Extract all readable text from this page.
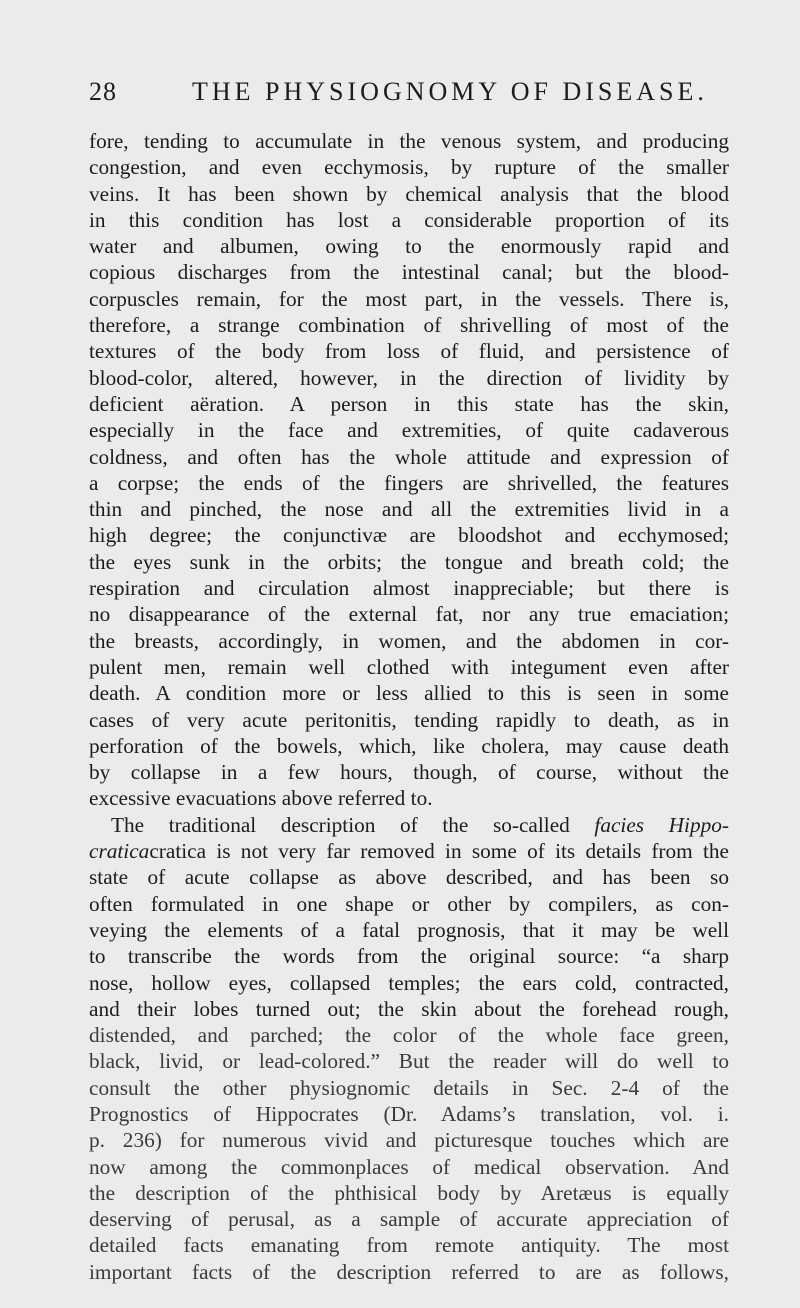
28	THE PHYSIOGNOMY OF DISEASE.
fore, tending to accumulate in the venous system, and producing
congestion, and even ecchymosis, by rupture of the smaller
veins. It has been shown by chemical analysis that the blood
in this condition has lost a considerable proportion of its
water and albumen, owing to the enormously rapid and
copious discharges from the intestinal canal; but the blood-
corpuscles remain, for the most part, in the vessels. There is,
therefore, a strange combination of shrivelling of most of the
textures of the body from loss of fluid, and persistence of
blood-color, altered, however, in the direction of lividity by
deficient aëration. A person in this state has the skin,
especially in the face and extremities, of quite cadaverous
coldness, and often has the whole attitude and expression of
a corpse; the ends of the fingers are shrivelled, the features
thin and pinched, the nose and all the extremities livid in a
high degree; the conjunctivæ are bloodshot and ecchymosed;
the eyes sunk in the orbits; the tongue and breath cold; the
respiration and circulation almost inappreciable; but there is
no disappearance of the external fat, nor any true emaciation;
the breasts, accordingly, in women, and the abdomen in cor-
pulent men, remain well clothed with integument even after
death. A condition more or less allied to this is seen in some
cases of very acute peritonitis, tending rapidly to death, as in
perforation of the bowels, which, like cholera, may cause death
by collapse in a few hours, though, of course, without the
excessive evacuations above referred to.
The traditional description of the so-called facies Hippo-
craticacratica is not very far removed in some of its details from the
state of acute collapse as above described, and has been so
often formulated in one shape or other by compilers, as con-
veying the elements of a fatal prognosis, that it may be well
to transcribe the words from the original source: “a sharp
nose, hollow eyes, collapsed temples; the ears cold, contracted,
and their lobes turned out; the skin about the forehead rough,
distended, and parched; the color of the whole face green,
black, livid, or lead-colored.” But the reader will do well to
consult the other physiognomic details in Sec. 2-4 of the
Prognostics of Hippocrates (Dr. Adams’s translation, vol. i.
p. 236) for numerous vivid and picturesque touches which are
now among the commonplaces of medical observation. And
the description of the phthisical body by Aretæus is equally
deserving of perusal, as a sample of accurate appreciation of
detailed facts emanating from remote antiquity. The most
important facts of the description referred to are as follows,
